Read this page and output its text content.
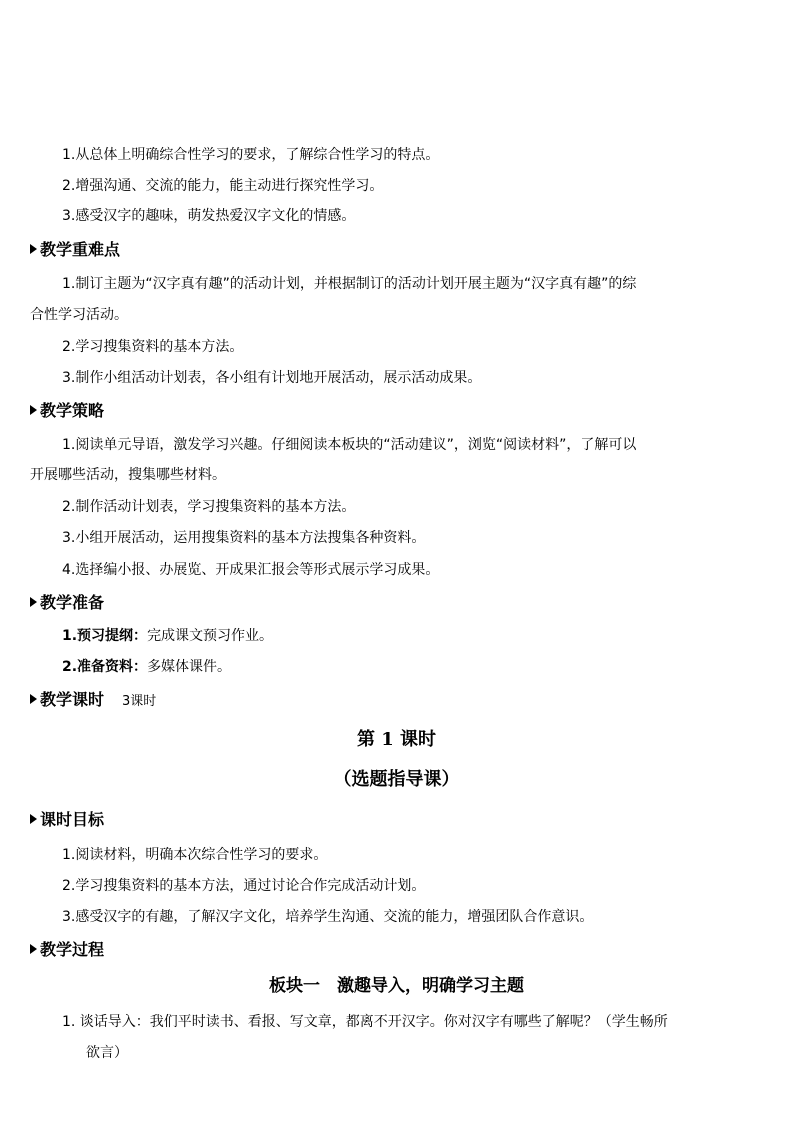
1.从总体上明确综合性学习的要求，了解综合性学习的特点。
2.增强沟通、交流的能力，能主动进行探究性学习。
3.感受汉字的趣味，萌发热爱汉字文化的情感。
教学重难点
1.制订主题为“汉字真有趣”的活动计划，并根据制订的活动计划开展主题为“汉字真有趣”的综
合性学习活动。
2.学习搜集资料的基本方法。
3.制作小组活动计划表，各小组有计划地开展活动，展示活动成果。
教学策略
1.阅读单元导语，激发学习兴趣。仔细阅读本板块的“活动建议”，浏览“阅读材料”，了解可以
开展哪些活动，搜集哪些材料。
2.制作活动计划表，学习搜集资料的基本方法。
3.小组开展活动，运用搜集资料的基本方法搜集各种资料。
4.选择编小报、办展览、开成果汇报会等形式展示学习成果。
教学准备
1.预习提纲：完成课文预习作业。
2.准备资料：多媒体课件。
教学课时 3课时
第 1 课时
（选题指导课）
课时目标
1.阅读材料，明确本次综合性学习的要求。
2.学习搜集资料的基本方法，通过讨论合作完成活动计划。
3.感受汉字的有趣，了解汉字文化，培养学生沟通、交流的能力，增强团队合作意识。
教学过程
板块一　激趣导入，明确学习主题
1. 谈话导入：我们平时读书、看报、写文章，都离不开汉字。你对汉字有哪些了解呢？（学生畅所
欲言）
